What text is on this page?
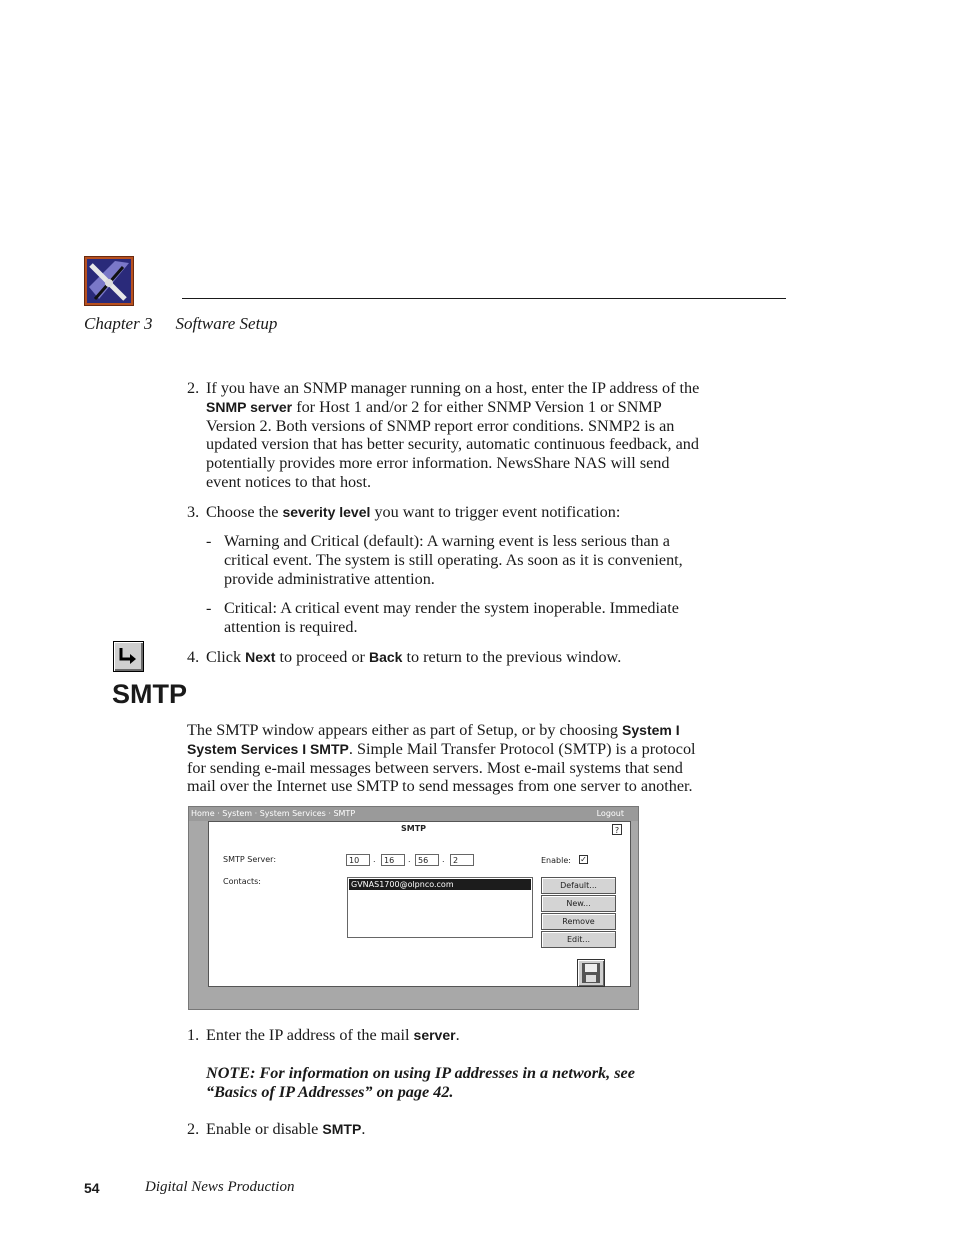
Chapter 3 Software Setup
2. If you have an SNMP manager running on a host, enter the IP address of the
SNMP server for Host 1 and/or 2 for either SNMP Version 1 or SNMP
Version 2. Both versions of SNMP report error conditions. SNMP2 is an
updated version that has better security, automatic continuous feedback, and
potentially provides more error information. NewsShare NAS will send
event notices to that host.
3. Choose the severity level you want to trigger event notification:
- Warning and Critical (default): A warning event is less serious than a
critical event. The system is still operating. As soon as it is convenient,
provide administrative attention.
- Critical: A critical event may render the system inoperable. Immediate
attention is required.
4. Click Next to proceed or Back to return to the previous window.
SMTP
The SMTP window appears either as part of Setup, or by choosing System I
System Services I SMTP. Simple Mail Transfer Protocol (SMTP) is a protocol
for sending e-mail messages between servers. Most e-mail systems that send
mail over the Internet use SMTP to send messages from one server to another.
Home · System · System Services · SMTP	Logout
SMTP	?
SMTP Server:	10	.	16	. 56	.	2	Enable: ✓
Contacts:	GVNAS1700@olpnco.com	Default...
New...
Remove
Edit...
1. Enter the IP address of the mail server.
NOTE: For information on using IP addresses in a network, see
“Basics of IP Addresses” on page 42.
2. Enable or disable SMTP.
54	Digital News Production
